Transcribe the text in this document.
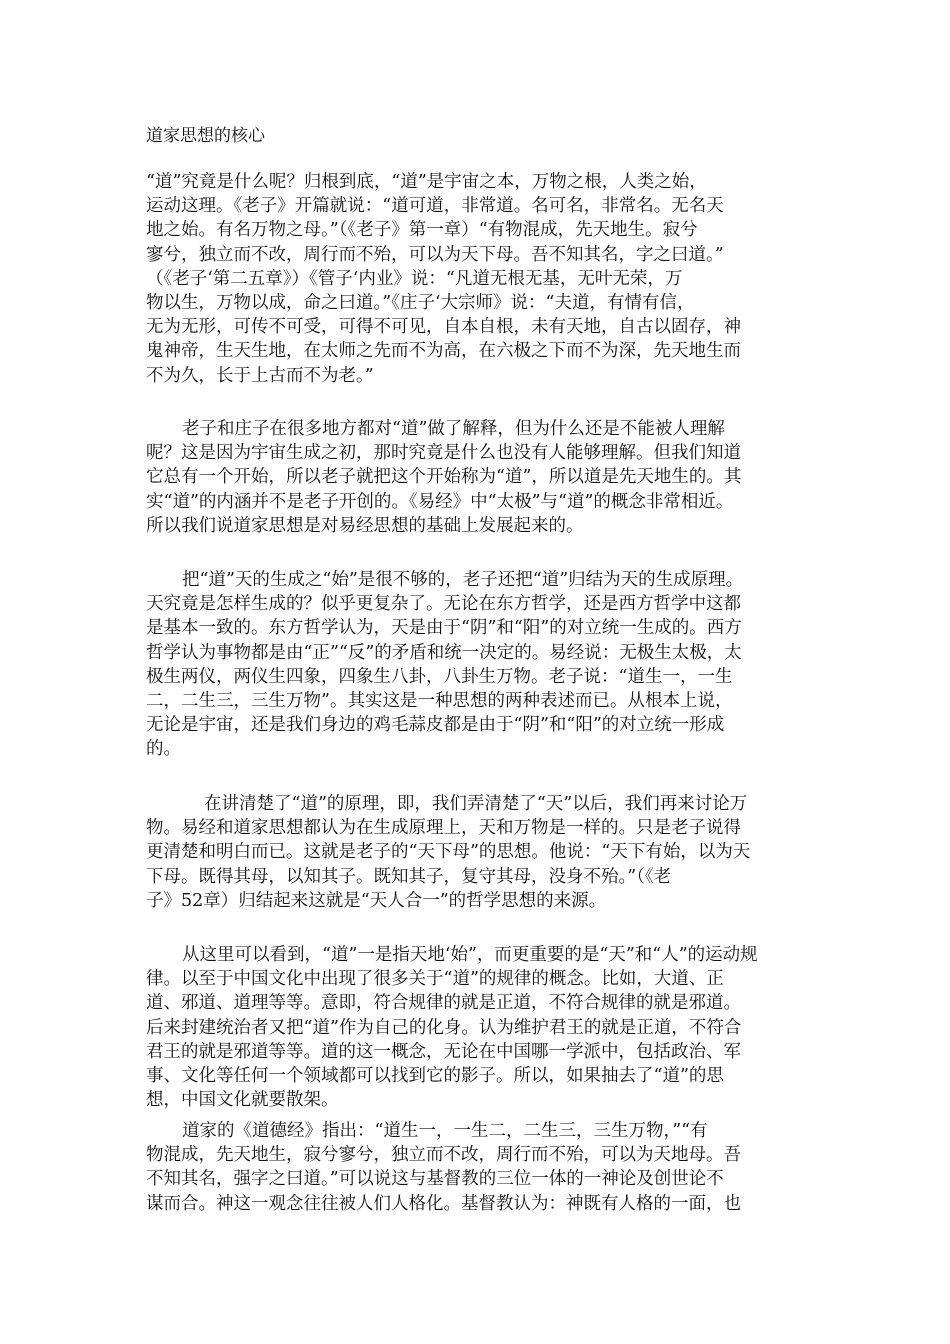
道家思想的核心
“道”究竟是什么呢？归根到底，“道”是宇宙之本，万物之根，人类之始，
运动这理。《老子》开篇就说：“道可道，非常道。名可名，非常名。无名天
地之始。有名万物之母。”（《老子》第一章）“有物混成，先天地生。寂兮
寥兮，独立而不改，周行而不殆，可以为天下母。吾不知其名，字之曰道。”
（《老子‘第二五章》）《管子‘内业》说：“凡道无根无基，无叶无荣，万
物以生，万物以成，命之曰道。”《庄子‘大宗师》说：“夫道，有情有信，
无为无形，可传不可受，可得不可见，自本自根，未有天地，自古以固存，神
鬼神帝，生天生地，在太师之先而不为高，在六极之下而不为深，先天地生而
不为久，长于上古而不为老。”
老子和庄子在很多地方都对“道”做了解释，但为什么还是不能被人理解
呢？这是因为宇宙生成之初，那时究竟是什么也没有人能够理解。但我们知道
它总有一个开始，所以老子就把这个开始称为“道”，所以道是先天地生的。其
实“道”的内涵并不是老子开创的。《易经》中“太极”与“道”的概念非常相近。
所以我们说道家思想是对易经思想的基础上发展起来的。
把“道”天的生成之“始”是很不够的，老子还把“道”归结为天的生成原理。
天究竟是怎样生成的？似乎更复杂了。无论在东方哲学，还是西方哲学中这都
是基本一致的。东方哲学认为，天是由于“阴”和“阳”的对立统一生成的。西方
哲学认为事物都是由“正”“反”的矛盾和统一决定的。易经说：无极生太极，太
极生两仪，两仪生四象，四象生八卦，八卦生万物。老子说：“道生一，一生
二，二生三，三生万物”。其实这是一种思想的两种表述而已。从根本上说，
无论是宇宙，还是我们身边的鸡毛蒜皮都是由于“阴”和“阳”的对立统一形成
的。
在讲清楚了“道”的原理，即，我们弄清楚了“天”以后，我们再来讨论万
物。易经和道家思想都认为在生成原理上，天和万物是一样的。只是老子说得
更清楚和明白而已。这就是老子的“天下母”的思想。他说：“天下有始，以为天
下母。既得其母，以知其子。既知其子，复守其母，没身不殆。”（《老
子》52章）归结起来这就是“天人合一”的哲学思想的来源。
从这里可以看到，“道”一是指天地‘始”，而更重要的是“天”和“人”的运动规
律。以至于中国文化中出现了很多关于“道”的规律的概念。比如，大道、正
道、邪道、道理等等。意即，符合规律的就是正道，不符合规律的就是邪道。
后来封建统治者又把“道”作为自己的化身。认为维护君王的就是正道，不符合
君王的就是邪道等等。道的这一概念，无论在中国哪一学派中，包括政治、军
事、文化等任何一个领域都可以找到它的影子。所以，如果抽去了“道”的思
想，中国文化就要散架。
道家的《道德经》指出：“道生一，一生二，二生三，三生万物，”“有
物混成，先天地生，寂兮寥兮，独立而不改，周行而不殆，可以为天地母。吾
不知其名，强字之曰道。”可以说这与基督教的三位一体的一神论及创世论不
谋而合。神这一观念往往被人们人格化。基督教认为：神既有人格的一面，也
